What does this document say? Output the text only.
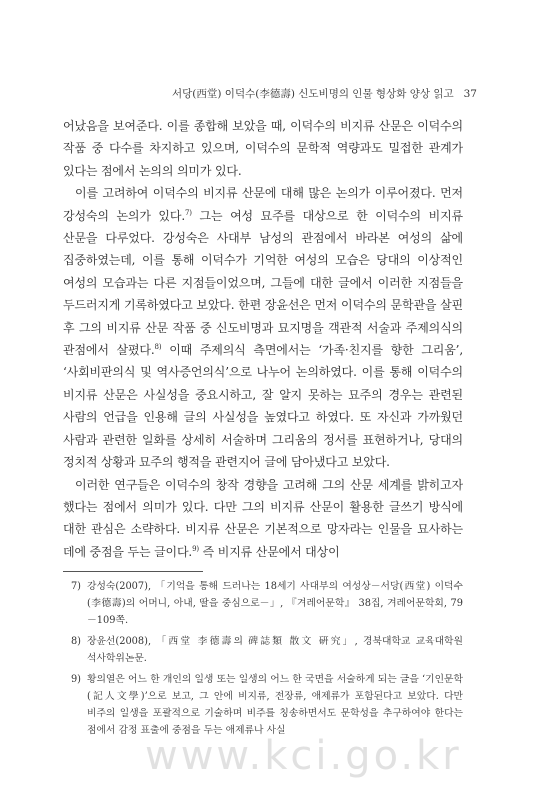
서당(西堂) 이덕수(李德壽) 신도비명의 인물 형상화 양상 읽고 37

어났음을 보여준다. 이를 종합해 보았을 때, 이덕수의 비지류 산문은 이덕수의 작품 중 다수를 차지하고 있으며, 이덕수의 문학적 역량과도 밀접한 관계가 있다는 점에서 논의의 의미가 있다.

이를 고려하여 이덕수의 비지류 산문에 대해 많은 논의가 이루어졌다. 먼저 강성숙의 논의가 있다.$^{7)}$ 그는 여성 묘주를 대상으로 한 이덕수의 비지류 산문을 다루었다. 강성숙은 사대부 남성의 관점에서 바라본 여성의 삶에 집중하였는데, 이를 통해 이덕수가 기억한 여성의 모습은 당대의 이상적인 여성의 모습과는 다른 지점들이었으며, 그들에 대한 글에서 이러한 지점들을 두드러지게 기록하였다고 보았다. 한편 장윤선은 먼저 이덕수의 문학관을 살핀 후 그의 비지류 산문 작품 중 신도비명과 묘지명을 객관적 서술과 주제의식의 관점에서 살폈다.$^{8)}$ 이때 주제의식 측면에서는 ‘가족·친지를 향한 그리움’, ‘사회비판의식 및 역사증언의식’으로 나누어 논의하였다. 이를 통해 이덕수의 비지류 산문은 사실성을 중요시하고, 잘 알지 못하는 묘주의 경우는 관련된 사람의 언급을 인용해 글의 사실성을 높였다고 하였다. 또 자신과 가까웠던 사람과 관련한 일화를 상세히 서술하며 그리움의 정서를 표현하거나, 당대의 정치적 상황과 묘주의 행적을 관련지어 글에 담아냈다고 보았다.

이러한 연구들은 이덕수의 창작 경향을 고려해 그의 산문 세계를 밝히고자 했다는 점에서 의미가 있다. 다만 그의 비지류 산문이 활용한 글쓰기 방식에 대한 관심은 소략하다. 비지류 산문은 기본적으로 망자라는 인물을 묘사하는 데에 중점을 두는 글이다.$^{9)}$ 즉 비지류 산문에서 대상이

7) 강성숙(2007), 「기억을 통해 드러나는 18세기 사대부의 여성상－서당(西堂) 이덕수(李德壽)의 어머니, 아내, 딸을 중심으로－」, 『겨레어문학』 38집, 겨레어문학회, 79－109쪽.
8) 장윤선(2008), 「西堂 李德壽의 碑誌類 散文 硏究」, 경북대학교 교육대학원 석사학위논문.
9) 황의열은 어느 한 개인의 일생 또는 일생의 어느 한 국면을 서술하게 되는 글을 ‘기인문학(記人文學)’으로 보고, 그 안에 비지류, 전장류, 애제류가 포함된다고 보았다. 다만 비주의 일생을 포괄적으로 기술하며 비주를 칭송하면서도 문학성을 추구하여야 한다는 점에서 감정 표출에 중점을 두는 애제류나 사실
www.kci.go.kr
